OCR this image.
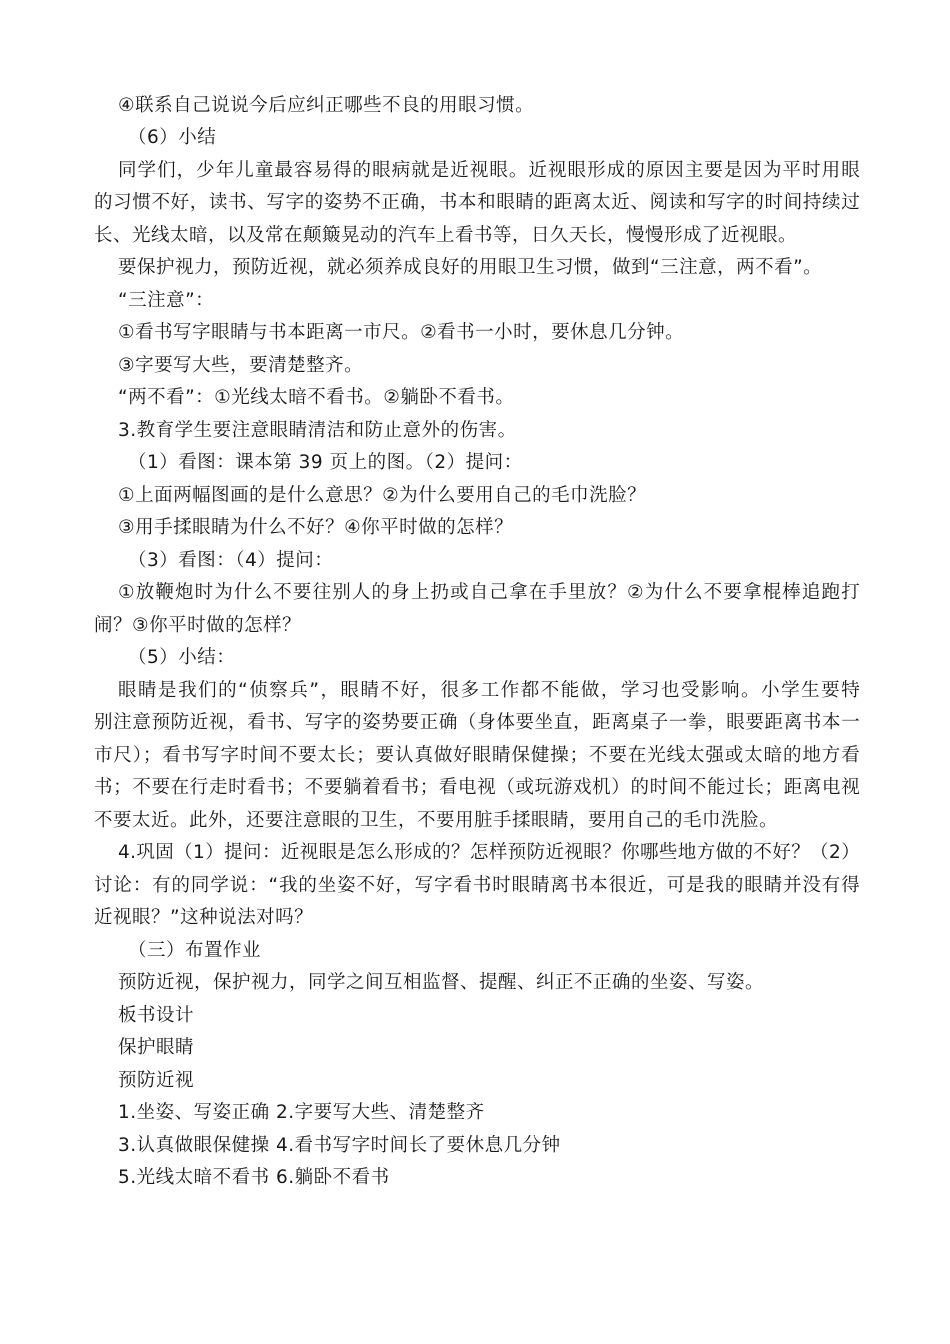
④联系自己说说今后应纠正哪些不良的用眼习惯。
（6）小结
同学们，少年儿童最容易得的眼病就是近视眼。近视眼形成的原因主要是因为平时用眼
的习惯不好，读书、写字的姿势不正确，书本和眼睛的距离太近、阅读和写字的时间持续过
长、光线太暗，以及常在颠簸晃动的汽车上看书等，日久天长，慢慢形成了近视眼。
要保护视力，预防近视，就必须养成良好的用眼卫生习惯，做到“三注意，两不看”。
“三注意”：
①看书写字眼睛与书本距离一市尺。②看书一小时，要休息几分钟。
③字要写大些，要清楚整齐。
“两不看”：①光线太暗不看书。②躺卧不看书。
3.教育学生要注意眼睛清洁和防止意外的伤害。
（1）看图：课本第 39 页上的图。（2）提问：
①上面两幅图画的是什么意思？②为什么要用自己的毛巾洗脸？
③用手揉眼睛为什么不好？④你平时做的怎样？
（3）看图：（4）提问：
①放鞭炮时为什么不要往别人的身上扔或自己拿在手里放？②为什么不要拿棍棒追跑打
闹？③你平时做的怎样？
（5）小结：
眼睛是我们的“侦察兵”，眼睛不好，很多工作都不能做，学习也受影响。小学生要特
别注意预防近视，看书、写字的姿势要正确（身体要坐直，距离桌子一拳，眼要距离书本一
市尺）；看书写字时间不要太长；要认真做好眼睛保健操；不要在光线太强或太暗的地方看
书；不要在行走时看书；不要躺着看书；看电视（或玩游戏机）的时间不能过长；距离电视
不要太近。此外，还要注意眼的卫生，不要用脏手揉眼睛，要用自己的毛巾洗脸。
4.巩固（1）提问：近视眼是怎么形成的？怎样预防近视眼？你哪些地方做的不好？（2）
讨论：有的同学说：“我的坐姿不好，写字看书时眼睛离书本很近，可是我的眼睛并没有得
近视眼？”这种说法对吗？
（三）布置作业
预防近视，保护视力，同学之间互相监督、提醒、纠正不正确的坐姿、写姿。
板书设计
保护眼睛
预防近视
1.坐姿、写姿正确 2.字要写大些、清楚整齐
3.认真做眼保健操 4.看书写字时间长了要休息几分钟
5.光线太暗不看书 6.躺卧不看书
